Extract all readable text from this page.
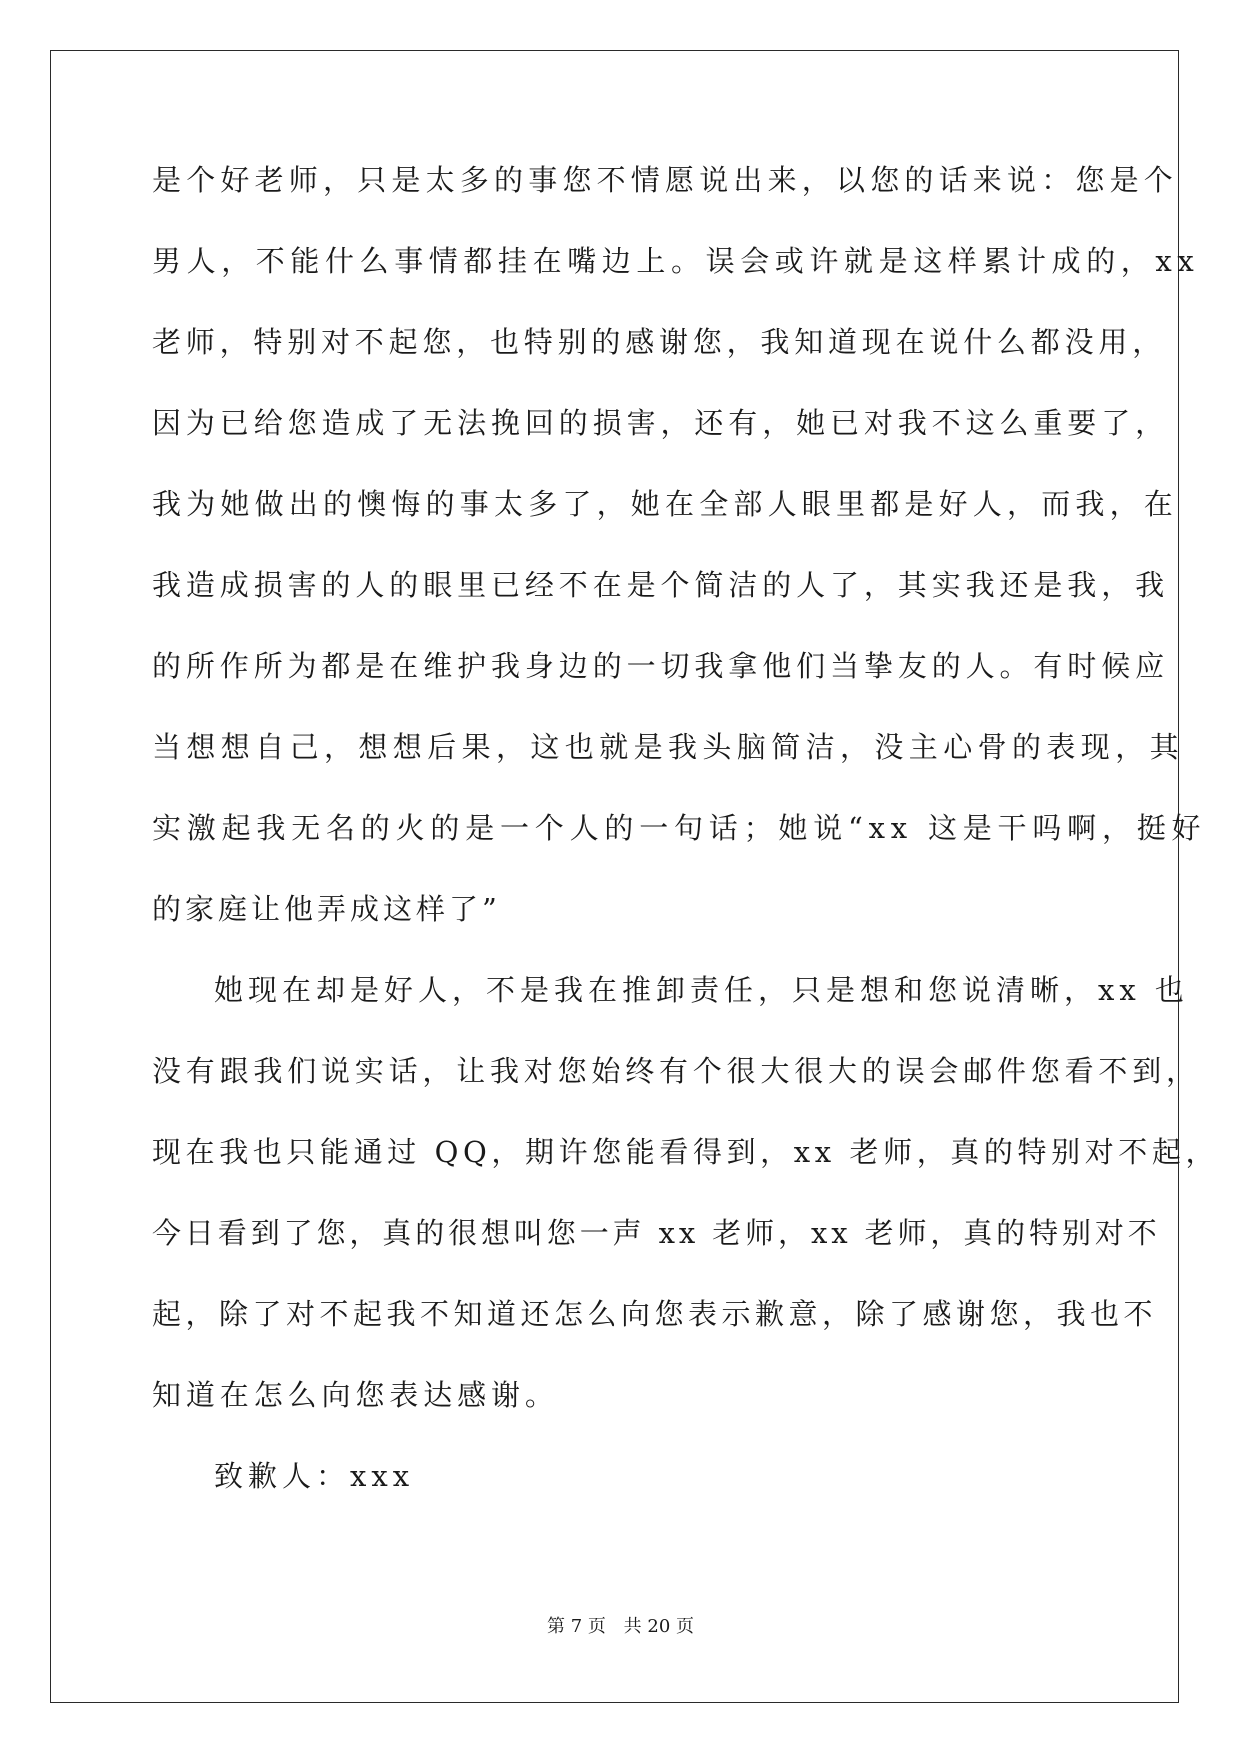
是个好老师，只是太多的事您不情愿说出来，以您的话来说：您是个
男人，不能什么事情都挂在嘴边上。误会或许就是这样累计成的，xx
老师，特别对不起您，也特别的感谢您，我知道现在说什么都没用，
因为已给您造成了无法挽回的损害，还有，她已对我不这么重要了，
我为她做出的懊悔的事太多了，她在全部人眼里都是好人，而我，在
我造成损害的人的眼里已经不在是个简洁的人了，其实我还是我，我
的所作所为都是在维护我身边的一切我拿他们当挚友的人。有时候应
当想想自己，想想后果，这也就是我头脑简洁，没主心骨的表现，其
实激起我无名的火的是一个人的一句话；她说“xx 这是干吗啊，挺好
的家庭让他弄成这样了”
她现在却是好人，不是我在推卸责任，只是想和您说清晰，xx 也
没有跟我们说实话，让我对您始终有个很大很大的误会邮件您看不到，
现在我也只能通过 QQ，期许您能看得到，xx 老师，真的特别对不起，
今日看到了您，真的很想叫您一声 xx 老师，xx 老师，真的特别对不
起，除了对不起我不知道还怎么向您表示歉意，除了感谢您，我也不
知道在怎么向您表达感谢。
致歉人：xxx
第 7 页 共 20 页
